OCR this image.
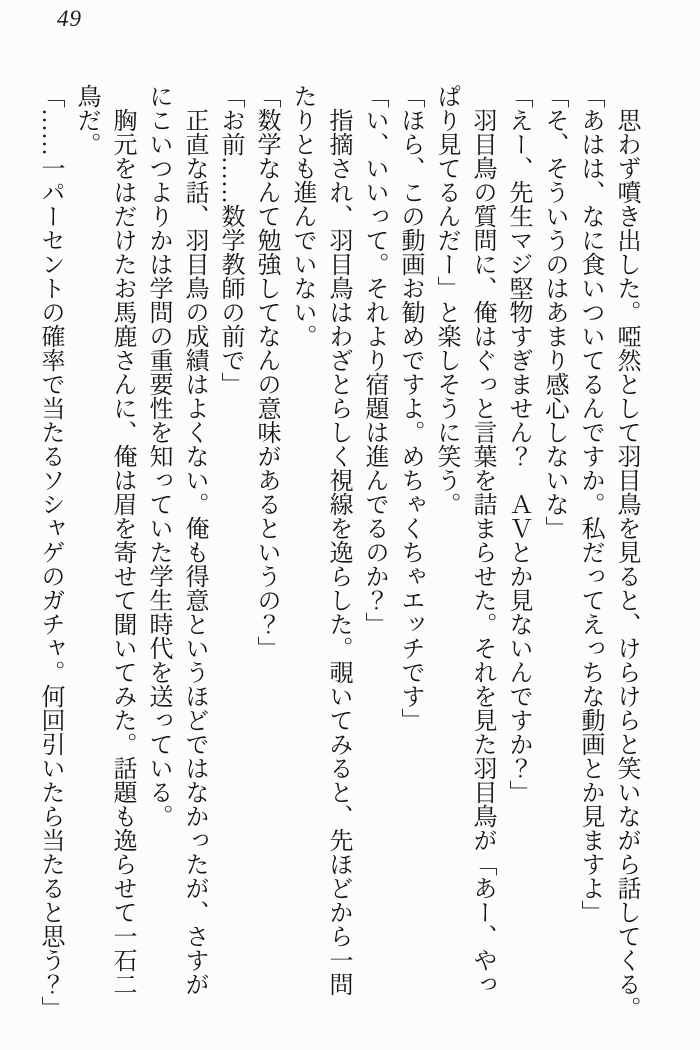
49
思わず噴き出した。啞然として羽目鳥を見ると、けらけらと笑いながら話してくる。
「あはは、なに食いついてるんですか。私だってえっちな動画とか見ますよ」
「そ、そういうのはあまり感心しないな」
「えー、先生マジ堅物すぎません？　ＡＶとか見ないんですか？」
羽目鳥の質問に、俺はぐっと言葉を詰まらせた。それを見た羽目鳥が「あー、やっ
ぱり見てるんだー」と楽しそうに笑う。
「ほら、この動画お勧めですよ。めちゃくちゃエッチです」
「い、いいって。それより宿題は進んでるのか？」
指摘され、羽目鳥はわざとらしく視線を逸らした。覗いてみると、先ほどから一問
たりとも進んでいない。
「数学なんて勉強してなんの意味があるというの？」
「お前……数学教師の前で」
正直な話、羽目鳥の成績はよくない。俺も得意というほどではなかったが、さすが
にこいつよりかは学問の重要性を知っていた学生時代を送っている。
胸元をはだけたお馬鹿さんに、俺は眉を寄せて聞いてみた。話題も逸らせて一石二
鳥だ。
「……一パーセントの確率で当たるソシャゲのガチャ。何回引いたら当たると思う？」
